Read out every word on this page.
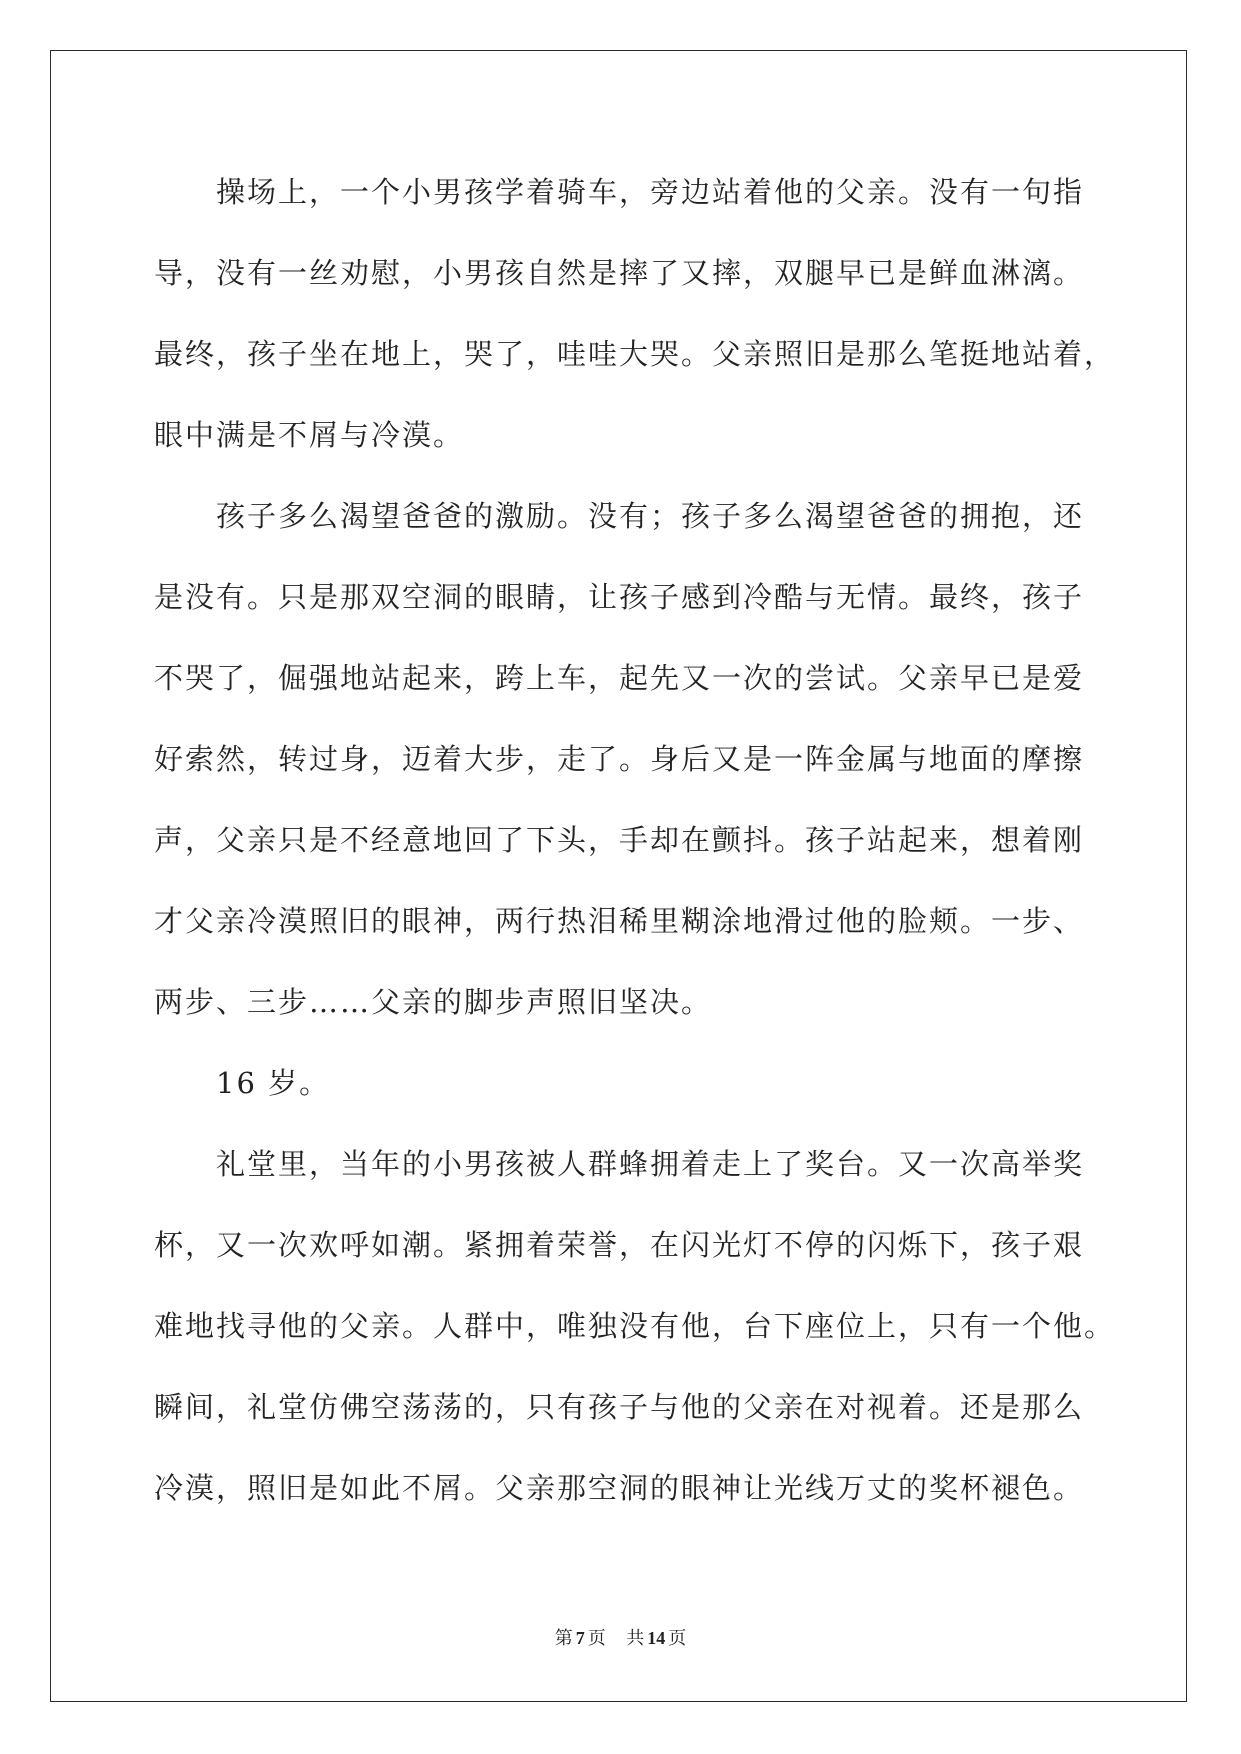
操场上，一个小男孩学着骑车，旁边站着他的父亲。没有一句指
导，没有一丝劝慰，小男孩自然是摔了又摔，双腿早已是鲜血淋漓。
最终，孩子坐在地上，哭了，哇哇大哭。父亲照旧是那么笔挺地站着，
眼中满是不屑与冷漠。
孩子多么渴望爸爸的激励。没有；孩子多么渴望爸爸的拥抱，还
是没有。只是那双空洞的眼睛，让孩子感到冷酷与无情。最终，孩子
不哭了，倔强地站起来，跨上车，起先又一次的尝试。父亲早已是爱
好索然，转过身，迈着大步，走了。身后又是一阵金属与地面的摩擦
声，父亲只是不经意地回了下头，手却在颤抖。孩子站起来，想着刚
才父亲冷漠照旧的眼神，两行热泪稀里糊涂地滑过他的脸颊。一步、
两步、三步……父亲的脚步声照旧坚决。
16 岁。
礼堂里，当年的小男孩被人群蜂拥着走上了奖台。又一次高举奖
杯，又一次欢呼如潮。紧拥着荣誉，在闪光灯不停的闪烁下，孩子艰
难地找寻他的父亲。人群中，唯独没有他，台下座位上，只有一个他。
瞬间，礼堂仿佛空荡荡的，只有孩子与他的父亲在对视着。还是那么
冷漠，照旧是如此不屑。父亲那空洞的眼神让光线万丈的奖杯褪色。
第 7 页 共 14 页
